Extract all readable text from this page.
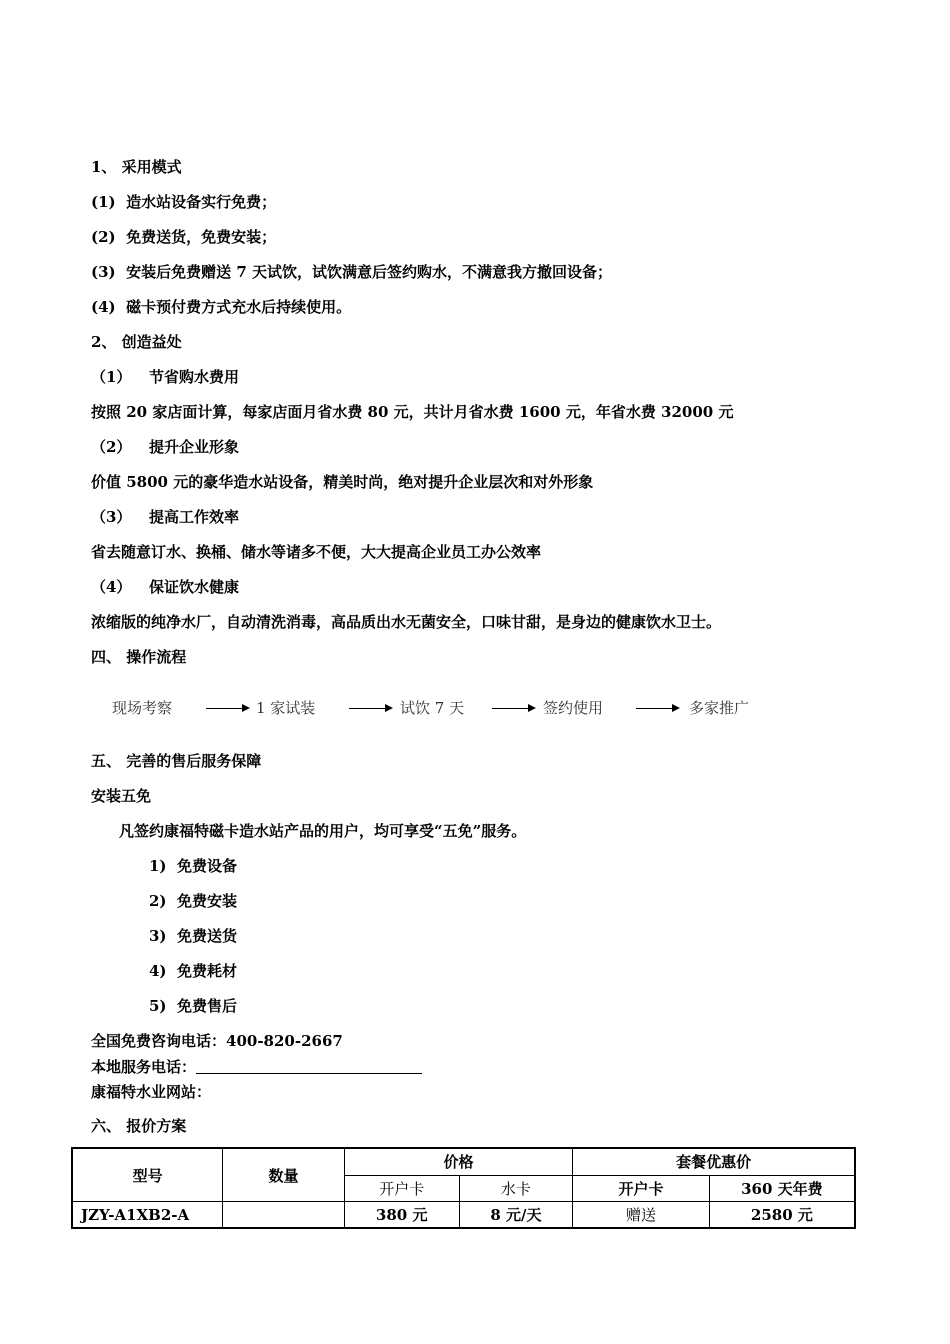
1、 采用模式
(1) 造水站设备实行免费；
(2) 免费送货，免费安装；
(3) 安装后免费赠送 7 天试饮，试饮满意后签约购水，不满意我方撤回设备；
(4) 磁卡预付费方式充水后持续使用。
2、 创造益处
（1） 节省购水费用
按照 20 家店面计算，每家店面月省水费 80 元，共计月省水费 1600 元，年省水费 32000 元
（2） 提升企业形象
价值 5800 元的豪华造水站设备，精美时尚，绝对提升企业层次和对外形象
（3） 提高工作效率
省去随意订水、换桶、储水等诸多不便，大大提高企业员工办公效率
（4） 保证饮水健康
浓缩版的纯净水厂，自动清洗消毒，高品质出水无菌安全，口味甘甜，是身边的健康饮水卫士。
四、 操作流程
现场考察	1 家试装	试饮 7 天	签约使用	多家推广
五、 完善的售后服务保障
安装五免
凡签约康福特磁卡造水站产品的用户，均可享受“五免”服务。
1) 免费设备
2) 免费安装
3) 免费送货
4) 免费耗材
5) 免费售后
全国免费咨询电话：400-820-2667
本地服务电话：
康福特水业网站：
六、 报价方案
型号	数量	价格		套餐优惠价	
		开户卡	水卡	开户卡	360 天年费
JZY-A1XB2-A		380 元	8 元/天	赠送	2580 元
